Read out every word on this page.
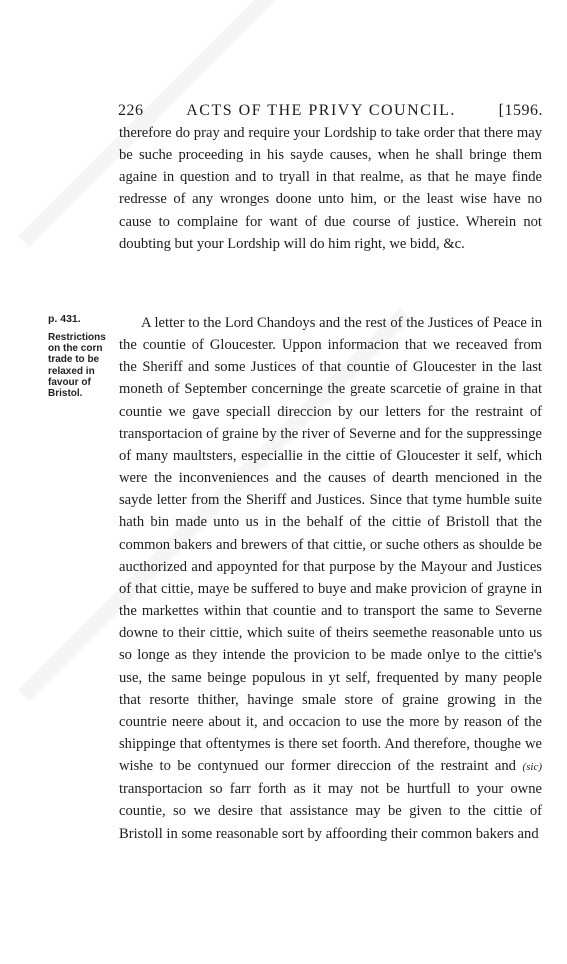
226	ACTS OF THE PRIVY COUNCIL.	[1596.
therefore do pray and require your Lordship to take order that there may be suche proceeding in his sayde causes, when he shall bringe them againe in question and to tryall in that realme, as that he maye finde redresse of any wronges doone unto him, or the least wise have no cause to complaine for want of due course of justice. Wherein not doubting but your Lordship will do him right, we bidd, &c.
p. 431.
Restrictions on the corn trade to be relaxed in favour of Bristol.
A letter to the Lord Chandoys and the rest of the Justices of Peace in the countie of Gloucester. Uppon informacion that we receaved from the Sheriff and some Justices of that countie of Gloucester in the last moneth of September concerninge the greate scarcetie of graine in that countie we gave speciall direccion by our letters for the restraint of transportacion of graine by the river of Severne and for the suppressinge of many maultsters, especiallie in the cittie of Gloucester it self, which were the inconveniences and the causes of dearth mencioned in the sayde letter from the Sheriff and Justices. Since that tyme humble suite hath bin made unto us in the behalf of the cittie of Bristoll that the common bakers and brewers of that cittie, or suche others as shoulde be aucthorized and appoynted for that purpose by the Mayour and Justices of that cittie, maye be suffered to buye and make provicion of grayne in the markettes within that countie and to transport the same to Severne downe to their cittie, which suite of theirs seemethe reasonable unto us so longe as they intende the provicion to be made onlye to the cittie's use, the same beinge populous in yt self, frequented by many people that resorte thither, havinge smale store of graine growing in the countrie neere about it, and occacion to use the more by reason of the shippinge that oftentymes is there set foorth. And therefore, thoughe we wishe to be contynued our former direccion of the restraint and (sic) transportacion so farr forth as it may not be hurtfull to your owne countie, so we desire that assistance may be given to the cittie of Bristoll in some reasonable sort by affoording their common bakers and
